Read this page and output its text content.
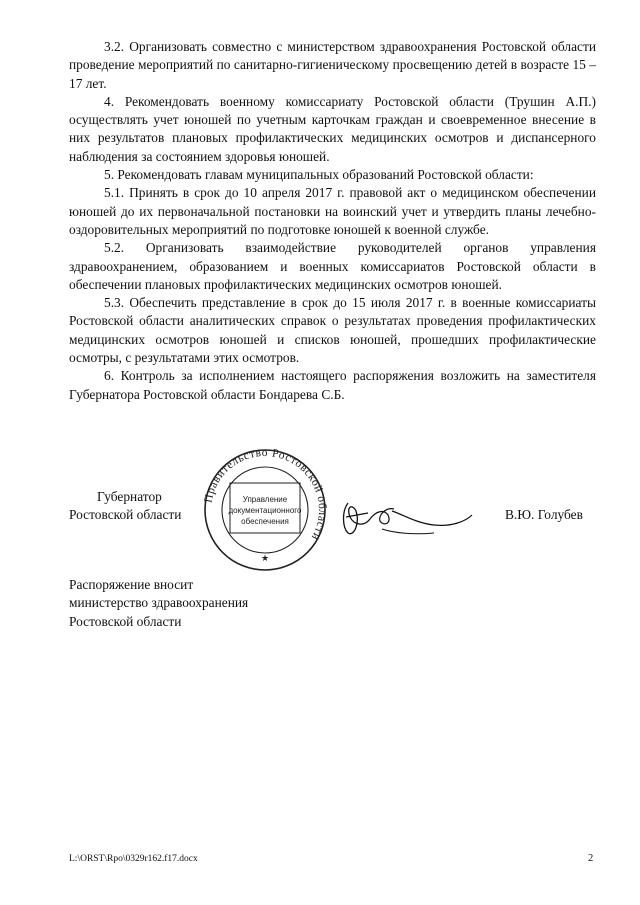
3.2. Организовать совместно с министерством здравоохранения Ростовской области проведение мероприятий по санитарно-гигиеническому просвещению детей в возрасте 15 – 17 лет.

4. Рекомендовать военному комиссариату Ростовской области (Трушин А.П.) осуществлять учет юношей по учетным карточкам граждан и своевременное внесение в них результатов плановых профилактических медицинских осмотров и диспансерного наблюдения за состоянием здоровья юношей.

5. Рекомендовать главам муниципальных образований Ростовской области:

5.1. Принять в срок до 10 апреля 2017 г. правовой акт о медицинском обеспечении юношей до их первоначальной постановки на воинский учет и утвердить планы лечебно-оздоровительных мероприятий по подготовке юношей к военной службе.

5.2. Организовать взаимодействие руководителей органов управления здравоохранением, образованием и военных комиссариатов Ростовской области в обеспечении плановых профилактических медицинских осмотров юношей.

5.3. Обеспечить представление в срок до 15 июля 2017 г. в военные комиссариаты Ростовской области аналитических справок о результатах проведения профилактических медицинских осмотров юношей и списков юношей, прошедших профилактические осмотры, с результатами этих осмотров.

6. Контроль за исполнением настоящего распоряжения возложить на заместителя Губернатора Ростовской области Бондарева С.Б.

Губернатор
Ростовской области
Правительство Ростовской области
Управление
документационного
обеспечения
★
В.Ю. Голубев
Распоряжение вносит
министерство здравоохранения
Ростовской области
L:\ORST\Rpo\0329r162.f17.docx	2
